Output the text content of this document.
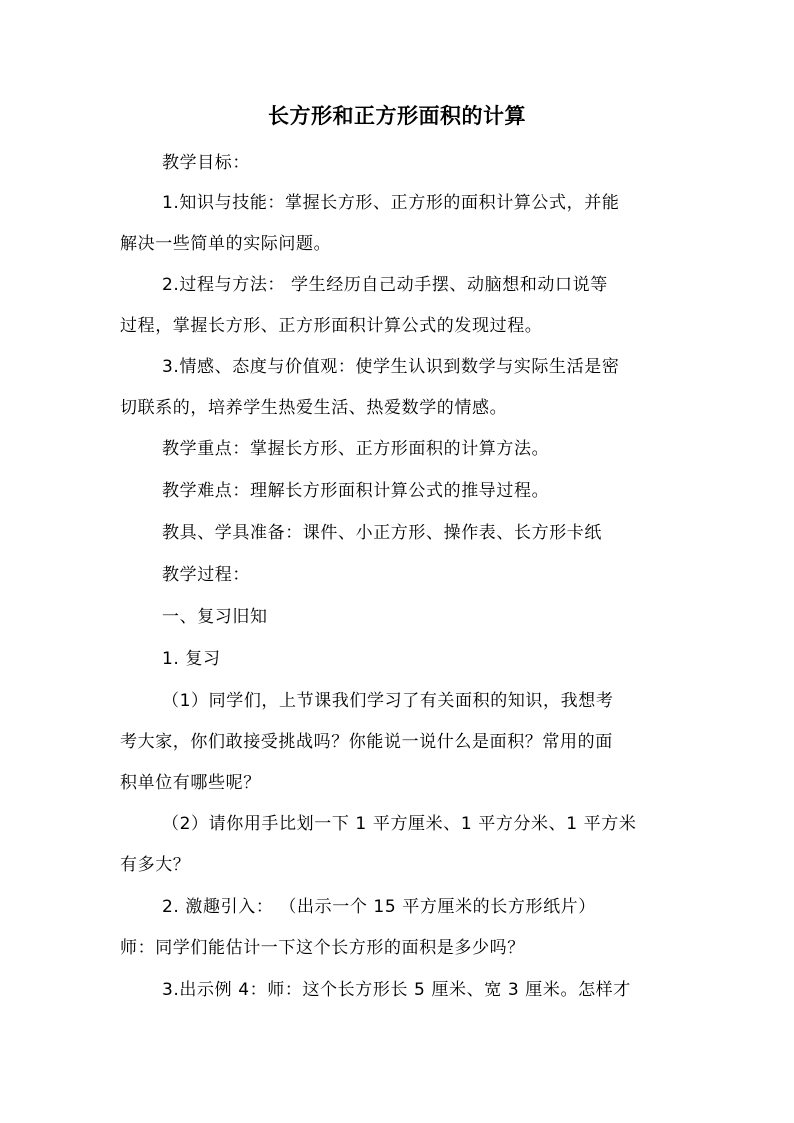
长方形和正方形面积的计算
教学目标：
1.知识与技能：掌握长方形、正方形的面积计算公式，并能
解决一些简单的实际问题。
2.过程与方法： 学生经历自己动手摆、动脑想和动口说等
过程，掌握长方形、正方形面积计算公式的发现过程。
3.情感、态度与价值观：使学生认识到数学与实际生活是密
切联系的，培养学生热爱生活、热爱数学的情感。
教学重点：掌握长方形、正方形面积的计算方法。
教学难点：理解长方形面积计算公式的推导过程。
教具、学具准备：课件、小正方形、操作表、长方形卡纸
教学过程：
一、复习旧知
1. 复习
（1）同学们，上节课我们学习了有关面积的知识，我想考
考大家，你们敢接受挑战吗？你能说一说什么是面积？常用的面
积单位有哪些呢？
（2）请你用手比划一下 1 平方厘米、1 平方分米、1 平方米
有多大？
2. 激趣引入： （出示一个 15 平方厘米的长方形纸片）
师：同学们能估计一下这个长方形的面积是多少吗？
3.出示例 4：师：这个长方形长 5 厘米、宽 3 厘米。怎样才
